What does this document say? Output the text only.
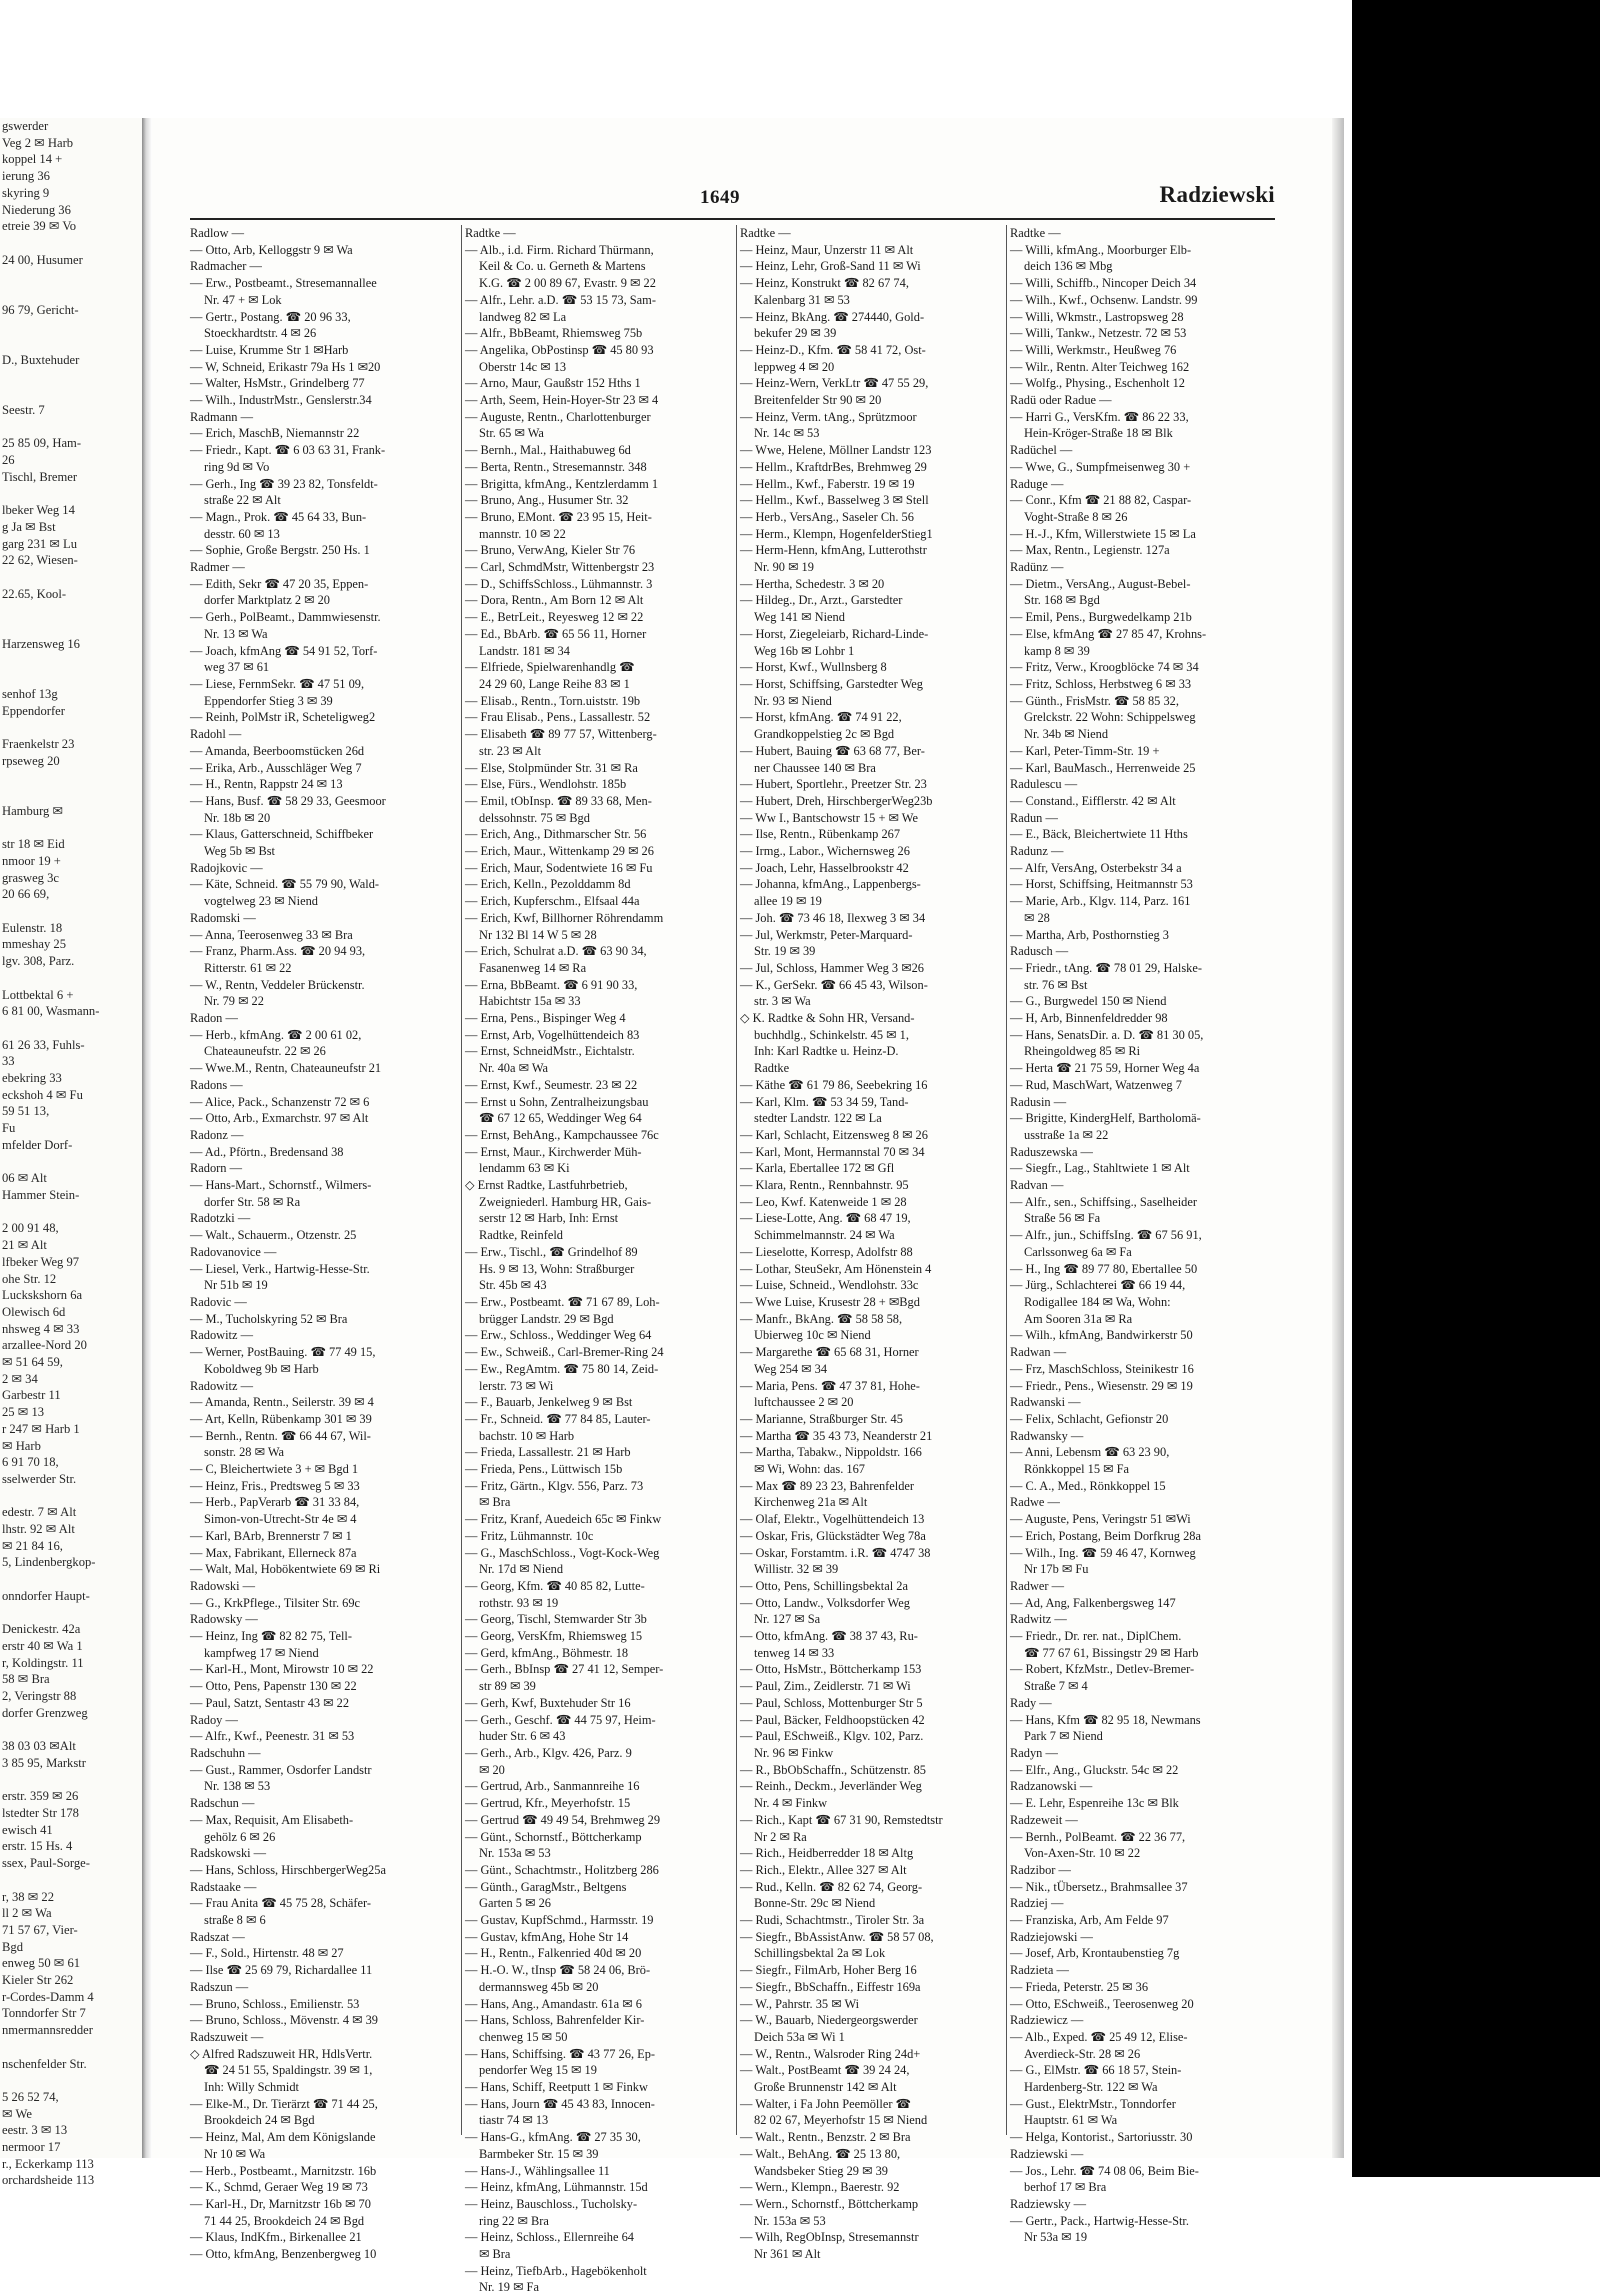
gswerder
Veg 2 ✉ Harb
koppel 14 +
ierung 36
skyring 9
Niederung 36
etreie 39 ✉ Vo

24 00, Husumer

96 79, Gericht-

D., Buxtehuder

Seestr. 7

25 85 09, Ham-
26
Tischl, Bremer

lbeker Weg 14
g Ja ✉ Bst
garg 231 ✉ Lu
22 62, Wiesen-

22.65, Kool-

Harzensweg 16

senhof 13g
Eppendorfer

Fraenkelstr 23
rpseweg 20

Hamburg ✉

str 18 ✉ Eid
nmoor 19 +
grasweg 3c
20 66 69,

Eulenstr. 18
mmeshay 25
lgv. 308, Parz.

Lottbektal 6 +
6 81 00, Wasmann-

61 26 33, Fuhls-
33
ebekring 33
eckshoh 4 ✉ Fu
59 51 13,
Fu
mfelder Dorf-

06 ✉ Alt
Hammer Stein-

2 00 91 48,
21 ✉ Alt
lfbeker Weg 97
ohe Str. 12
Luckskshorn 6a
Olewisch 6d
nhsweg 4 ✉ 33
arzallee-Nord 20
✉ 51 64 59,
2 ✉ 34
Garbestr 11
25 ✉ 13
r 247 ✉ Harb 1
✉ Harb
6 91 70 18,
sselwerder Str.

edestr. 7 ✉ Alt
lhstr. 92 ✉ Alt
✉ 21 84 16,
5, Lindenbergkop-

onndorfer Haupt-

Denickestr. 42a
erstr 40 ✉ Wa 1
r, Koldingstr. 11
58 ✉ Bra
2, Veringstr 88
dorfer Grenzweg

38 03 03 ✉Alt
3 85 95, Markstr

erstr. 359 ✉ 26
lstedter Str 178
ewisch 41
erstr. 15 Hs. 4
ssex, Paul-Sorge-

r, 38 ✉ 22
ll 2 ✉ Wa
71 57 67, Vier-
Bgd
enweg 50 ✉ 61
Kieler Str 262
r-Cordes-Damm 4
Tonndorfer Str 7
nmermannsredder

nschenfelder Str.

5 26 52 74,
✉ We
eestr. 3 ✉ 13
nermoor 17
r., Eckerkamp 113
orchardsheide 113
1649	Radziewski
Radlow —
— Otto, Arb, Kelloggstr 9 ✉ Wa
Radmacher —
— Erw., Postbeamt., Stresemannallee
Nr. 47 + ✉ Lok
— Gertr., Postang. ☎ 20 96 33,
Stoeckhardtstr. 4 ✉ 26
— Luise, Krumme Str 1 ✉Harb
— W, Schneid, Erikastr 79a Hs 1 ✉20
— Walter, HsMstr., Grindelberg 77
— Wilh., IndustrMstr., Genslerstr.34
Radmann —
— Erich, MaschB, Niemannstr 22
— Friedr., Kapt. ☎ 6 03 63 31, Frank-
ring 9d ✉ Vo
— Gerh., Ing ☎ 39 23 82, Tonsfeldt-
straße 22 ✉ Alt
— Magn., Prok. ☎ 45 64 33, Bun-
desstr. 60 ✉ 13
— Sophie, Große Bergstr. 250 Hs. 1
Radmer —
— Edith, Sekr ☎ 47 20 35, Eppen-
dorfer Marktplatz 2 ✉ 20
— Gerh., PolBeamt., Dammwiesenstr.
Nr. 13 ✉ Wa
— Joach, kfmAng ☎ 54 91 52, Torf-
weg 37 ✉ 61
— Liese, FernmSekr. ☎ 47 51 09,
Eppendorfer Stieg 3 ✉ 39
— Reinh, PolMstr iR, Scheteligweg2
Radohl —
— Amanda, Beerboomstücken 26d
— Erika, Arb., Ausschläger Weg 7
— H., Rentn, Rappstr 24 ✉ 13
— Hans, Busf. ☎ 58 29 33, Geesmoor
Nr. 18b ✉ 20
— Klaus, Gatterschneid, Schiffbeker
Weg 5b ✉ Bst
Radojkovic —
— Käte, Schneid. ☎ 55 79 90, Wald-
vogtelweg 23 ✉ Niend
Radomski —
— Anna, Teerosenweg 33 ✉ Bra
— Franz, Pharm.Ass. ☎ 20 94 93,
Ritterstr. 61 ✉ 22
— W., Rentn, Veddeler Brückenstr.
Nr. 79 ✉ 22
Radon —
— Herb., kfmAng. ☎ 2 00 61 02,
Chateauneufstr. 22 ✉ 26
— Wwe.M., Rentn, Chateauneufstr 21
Radons —
— Alice, Pack., Schanzenstr 72 ✉ 6
— Otto, Arb., Exmarchstr. 97 ✉ Alt
Radonz —
— Ad., Pförtn., Bredensand 38
Radorn —
— Hans-Mart., Schornstf., Wilmers-
dorfer Str. 58 ✉ Ra
Radotzki —
— Walt., Schauerm., Otzenstr. 25
Radovanovice —
— Liesel, Verk., Hartwig-Hesse-Str.
Nr 51b ✉ 19
Radovic —
— M., Tucholskyring 52 ✉ Bra
Radowitz —
— Werner, PostBauing. ☎ 77 49 15,
Koboldweg 9b ✉ Harb
Radowitz —
— Amanda, Rentn., Seilerstr. 39 ✉ 4
— Art, Kelln, Rübenkamp 301 ✉ 39
— Bernh., Rentn. ☎ 66 44 67, Wil-
sonstr. 28 ✉ Wa
— C, Bleichertwiete 3 + ✉ Bgd 1
— Heinz, Fris., Predtsweg 5 ✉ 33
— Herb., PapVerarb ☎ 31 33 84,
Simon-von-Utrecht-Str 4e ✉ 4
— Karl, BArb, Brennerstr 7 ✉ 1
— Max, Fabrikant, Ellerneck 87a
— Walt, Mal, Hobökentwiete 69 ✉ Ri
Radowski —
— G., KrkPflege., Tilsiter Str. 69c
Radowsky —
— Heinz, Ing ☎ 82 82 75, Tell-
kampfweg 17 ✉ Niend
— Karl-H., Mont, Mirowstr 10 ✉ 22
— Otto, Pens, Papenstr 130 ✉ 22
— Paul, Satzt, Sentastr 43 ✉ 22
Radoy —
— Alfr., Kwf., Peenestr. 31 ✉ 53
Radschuhn —
— Gust., Rammer, Osdorfer Landstr
Nr. 138 ✉ 53
Radschun —
— Max, Requisit, Am Elisabeth-
gehölz 6 ✉ 26
Radskowski —
— Hans, Schloss, HirschbergerWeg25a
Radstaake —
— Frau Anita ☎ 45 75 28, Schäfer-
straße 8 ✉ 6
Radszat —
— F., Sold., Hirtenstr. 48 ✉ 27
— Ilse ☎ 25 69 79, Richardallee 11
Radszun —
— Bruno, Schloss., Emilienstr. 53
— Bruno, Schloss., Mövenstr. 4 ✉ 39
Radszuweit —
◇ Alfred Radszuweit HR, HdlsVertr.
☎ 24 51 55, Spaldingstr. 39 ✉ 1,
Inh: Willy Schmidt
— Elke-M., Dr. Tierärzt ☎ 71 44 25,
Brookdeich 24 ✉ Bgd
— Heinz, Mal, Am dem Königslande
Nr 10 ✉ Wa
— Herb., Postbeamt., Marnitzstr. 16b
— K., Schmd, Geraer Weg 19 ✉ 73
— Karl-H., Dr, Marnitzstr 16b ✉ 70
71 44 25, Brookdeich 24 ✉ Bgd
— Klaus, IndKfm., Birkenallee 21
— Otto, kfmAng, Benzenbergweg 10
Radtke —
— Alb., i.d. Firm. Richard Thürmann,
Keil & Co. u. Gerneth & Martens
K.G. ☎ 2 00 89 67, Evastr. 9 ✉ 22
— Alfr., Lehr. a.D. ☎ 53 15 73, Sam-
landweg 82 ✉ La
— Alfr., BbBeamt, Rhiemsweg 75b
— Angelika, ObPostinsp ☎ 45 80 93
Oberstr 14c ✉ 13
— Arno, Maur, Gaußstr 152 Hths 1
— Arth, Seem, Hein-Hoyer-Str 23 ✉ 4
— Auguste, Rentn., Charlottenburger
Str. 65 ✉ Wa
— Bernh., Mal., Haithabuweg 6d
— Berta, Rentn., Stresemannstr. 348
— Brigitta, kfmAng., Kentzlerdamm 1
— Bruno, Ang., Husumer Str. 32
— Bruno, EMont. ☎ 23 95 15, Heit-
mannstr. 10 ✉ 22
— Bruno, VerwAng, Kieler Str 76
— Carl, SchmdMstr, Wittenbergstr 23
— D., SchiffsSchloss., Lühmannstr. 3
— Dora, Rentn., Am Born 12 ✉ Alt
— E., BetrLeit., Reyesweg 12 ✉ 22
— Ed., BbArb. ☎ 65 56 11, Horner
Landstr. 181 ✉ 34
— Elfriede, Spielwarenhandlg ☎
24 29 60, Lange Reihe 83 ✉ 1
— Elisab., Rentn., Torn.uiststr. 19b
— Frau Elisab., Pens., Lassallestr. 52
— Elisabeth ☎ 89 77 57, Wittenberg-
str. 23 ✉ Alt
— Else, Stolpmünder Str. 31 ✉ Ra
— Else, Fürs., Wendlohstr. 185b
— Emil, tObInsp. ☎ 89 33 68, Men-
delssohnstr. 75 ✉ Bgd
— Erich, Ang., Dithmarscher Str. 56
— Erich, Maur., Wittenkamp 29 ✉ 26
— Erich, Maur, Sodentwiete 16 ✉ Fu
— Erich, Kelln., Pezolddamm 8d
— Erich, Kupferschm., Elfsaal 44a
— Erich, Kwf, Billhorner Röhrendamm
Nr 132 Bl 14 W 5 ✉ 28
— Erich, Schulrat a.D. ☎ 63 90 34,
Fasanenweg 14 ✉ Ra
— Erna, BbBeamt. ☎ 6 91 90 33,
Habichtstr 15a ✉ 33
— Erna, Pens., Bispinger Weg 4
— Ernst, Arb, Vogelhüttendeich 83
— Ernst, SchneidMstr., Eichtalstr.
Nr. 40a ✉ Wa
— Ernst, Kwf., Seumestr. 23 ✉ 22
— Ernst u Sohn, Zentralheizungsbau
☎ 67 12 65, Weddinger Weg 64
— Ernst, BehAng., Kampchaussee 76c
— Ernst, Maur., Kirchwerder Müh-
lendamm 63 ✉ Ki
◇ Ernst Radtke, Lastfuhrbetrieb,
Zweigniederl. Hamburg HR, Gais-
serstr 12 ✉ Harb, Inh: Ernst
Radtke, Reinfeld
— Erw., Tischl., ☎ Grindelhof 89
Hs. 9 ✉ 13, Wohn: Straßburger
Str. 45b ✉ 43
— Erw., Postbeamt. ☎ 71 67 89, Loh-
brügger Landstr. 29 ✉ Bgd
— Erw., Schloss., Weddinger Weg 64
— Ew., Schweiß., Carl-Bremer-Ring 24
— Ew., RegAmtm. ☎ 75 80 14, Zeid-
lerstr. 73 ✉ Wi
— F., Bauarb, Jenkelweg 9 ✉ Bst
— Fr., Schneid. ☎ 77 84 85, Lauter-
bachstr. 10 ✉ Harb
— Frieda, Lassallestr. 21 ✉ Harb
— Frieda, Pens., Lüttwisch 15b
— Fritz, Gärtn., Klgv. 556, Parz. 73
✉ Bra
— Fritz, Kranf, Auedeich 65c ✉ Finkw
— Fritz, Lühmannstr. 10c
— G., MaschSchloss., Vogt-Kock-Weg
Nr. 17d ✉ Niend
— Georg, Kfm. ☎ 40 85 82, Lutte-
rothstr. 93 ✉ 19
— Georg, Tischl, Stemwarder Str 3b
— Georg, VersKfm, Rhiemsweg 15
— Gerd, kfmAng., Böhmestr. 18
— Gerh., BbInsp ☎ 27 41 12, Semper-
str 89 ✉ 39
— Gerh, Kwf, Buxtehuder Str 16
— Gerh., Geschf. ☎ 44 75 97, Heim-
huder Str. 6 ✉ 43
— Gerh., Arb., Klgv. 426, Parz. 9
✉ 20
— Gertrud, Arb., Sanmannreihe 16
— Gertrud, Kfr., Meyerhofstr. 15
— Gertrud ☎ 49 49 54, Brehmweg 29
— Günt., Schornstf., Böttcherkamp
Nr. 153a ✉ 53
— Günt., Schachtmstr., Holitzberg 286
— Günth., GaragMstr., Beltgens
Garten 5 ✉ 26
— Gustav, KupfSchmd., Harmsstr. 19
— Gustav, kfmAng, Hohe Str 14
— H., Rentn., Falkenried 40d ✉ 20
— H.-O. W., tInsp ☎ 58 24 06, Brö-
dermannsweg 45b ✉ 20
— Hans, Ang., Amandastr. 61a ✉ 6
— Hans, Schloss, Bahrenfelder Kir-
chenweg 15 ✉ 50
— Hans, Schiffsing. ☎ 43 77 26, Ep-
pendorfer Weg 15 ✉ 19
— Hans, Schiff, Reetputt 1 ✉ Finkw
— Hans, Journ ☎ 45 43 83, Innocen-
tiastr 74 ✉ 13
— Hans-G., kfmAng. ☎ 27 35 30,
Barmbeker Str. 15 ✉ 39
— Hans-J., Wählingsallee 11
— Heinz, kfmAng, Lühmannstr. 15d
— Heinz, Bauschloss., Tucholsky-
ring 22 ✉ Bra
— Heinz, Schloss., Ellernreihe 64
✉ Bra
— Heinz, TiefbArb., Hagebökenholt
Nr. 19 ✉ Fa
Radtke —
— Heinz, Maur, Unzerstr 11 ✉ Alt
— Heinz, Lehr, Groß-Sand 11 ✉ Wi
— Heinz, Konstrukt ☎ 82 67 74,
Kalenbarg 31 ✉ 53
— Heinz, BkAng. ☎ 274440, Gold-
bekufer 29 ✉ 39
— Heinz-D., Kfm. ☎ 58 41 72, Ost-
leppweg 4 ✉ 20
— Heinz-Wern, VerkLtr ☎ 47 55 29,
Breitenfelder Str 90 ✉ 20
— Heinz, Verm. tAng., Sprützmoor
Nr. 14c ✉ 53
— Wwe, Helene, Möllner Landstr 123
— Hellm., KraftdrBes, Brehmweg 29
— Hellm., Kwf., Faberstr. 19 ✉ 19
— Hellm., Kwf., Basselweg 3 ✉ Stell
— Herb., VersAng., Saseler Ch. 56
— Herm., Klempn, HogenfelderStieg1
— Herm-Henn, kfmAng, Lutterothstr
Nr. 90 ✉ 19
— Hertha, Schedestr. 3 ✉ 20
— Hildeg., Dr., Arzt., Garstedter
Weg 141 ✉ Niend
— Horst, Ziegeleiarb, Richard-Linde-
Weg 16b ✉ Lohbr 1
— Horst, Kwf., Wullnsberg 8
— Horst, Schiffsing, Garstedter Weg
Nr. 93 ✉ Niend
— Horst, kfmAng. ☎ 74 91 22,
Grandkoppelstieg 2c ✉ Bgd
— Hubert, Bauing ☎ 63 68 77, Ber-
ner Chaussee 140 ✉ Bra
— Hubert, Sportlehr., Preetzer Str. 23
— Hubert, Dreh, HirschbergerWeg23b
— Ww I., Bantschowstr 15 + ✉ We
— Ilse, Rentn., Rübenkamp 267
— Irmg., Labor., Wichernsweg 26
— Joach, Lehr, Hasselbrookstr 42
— Johanna, kfmAng., Lappenbergs-
allee 19 ✉ 19
— Joh. ☎ 73 46 18, Ilexweg 3 ✉ 34
— Jul, Werkmstr, Peter-Marquard-
Str. 19 ✉ 39
— Jul, Schloss, Hammer Weg 3 ✉26
— K., GerSekr. ☎ 66 45 43, Wilson-
str. 3 ✉ Wa
◇ K. Radtke & Sohn HR, Versand-
buchhdlg., Schinkelstr. 45 ✉ 1,
Inh: Karl Radtke u. Heinz-D.
Radtke
— Käthe ☎ 61 79 86, Seebekring 16
— Karl, Klm. ☎ 53 34 59, Tand-
stedter Landstr. 122 ✉ La
— Karl, Schlacht, Eitzensweg 8 ✉ 26
— Karl, Mont, Hermannstal 70 ✉ 34
— Karla, Ebertallee 172 ✉ Gfl
— Klara, Rentn., Rennbahnstr. 95
— Leo, Kwf. Katenweide 1 ✉ 28
— Liese-Lotte, Ang. ☎ 68 47 19,
Schimmelmannstr. 24 ✉ Wa
— Lieselotte, Korresp, Adolfstr 88
— Lothar, SteuSekr, Am Hönenstein 4
— Luise, Schneid., Wendlohstr. 33c
— Wwe Luise, Krusestr 28 + ✉Bgd
— Manfr., BkAng. ☎ 58 58 58,
Ubierweg 10c ✉ Niend
— Margarethe ☎ 65 68 31, Horner
Weg 254 ✉ 34
— Maria, Pens. ☎ 47 37 81, Hohe-
luftchaussee 2 ✉ 20
— Marianne, Straßburger Str. 45
— Martha ☎ 35 43 73, Neanderstr 21
— Martha, Tabakw., Nippoldstr. 166
✉ Wi, Wohn: das. 167
— Max ☎ 89 23 23, Bahrenfelder
Kirchenweg 21a ✉ Alt
— Olaf, Elektr., Vogelhüttendeich 13
— Oskar, Fris, Glückstädter Weg 78a
— Oskar, Forstamtm. i.R. ☎ 4747 38
Willistr. 32 ✉ 39
— Otto, Pens, Schillingsbektal 2a
— Otto, Landw., Volksdorfer Weg
Nr. 127 ✉ Sa
— Otto, kfmAng. ☎ 38 37 43, Ru-
tenweg 14 ✉ 33
— Otto, HsMstr., Böttcherkamp 153
— Paul, Zim., Zeidlerstr. 71 ✉ Wi
— Paul, Schloss, Mottenburger Str 5
— Paul, Bäcker, Feldhoopstücken 42
— Paul, ESchweiß., Klgv. 102, Parz.
Nr. 96 ✉ Finkw
— R., BbObSchaffn., Schützenstr. 85
— Reinh., Deckm., Jeverländer Weg
Nr. 4 ✉ Finkw
— Rich., Kapt ☎ 67 31 90, Remstedtstr
Nr 2 ✉ Ra
— Rich., Heidberredder 18 ✉ Altg
— Rich., Elektr., Allee 327 ✉ Alt
— Rud., Kelln. ☎ 82 62 74, Georg-
Bonne-Str. 29c ✉ Niend
— Rudi, Schachtmstr., Tiroler Str. 3a
— Siegfr., BbAssistAnw. ☎ 58 57 08,
Schillingsbektal 2a ✉ Lok
— Siegfr., FilmArb, Hoher Berg 16
— Siegfr., BbSchaffn., Eiffestr 169a
— W., Pahrstr. 35 ✉ Wi
— W., Bauarb, Niedergeorgswerder
Deich 53a ✉ Wi 1
— W., Rentn., Walsroder Ring 24d+
— Walt., PostBeamt ☎ 39 24 24,
Große Brunnenstr 142 ✉ Alt
— Walter, i Fa John Peemöller ☎
82 02 67, Meyerhofstr 15 ✉ Niend
— Walt., Rentn., Benzstr. 2 ✉ Bra
— Walt., BehAng. ☎ 25 13 80,
Wandsbeker Stieg 29 ✉ 39
— Wern., Klempn., Baerestr. 92
— Wern., Schornstf., Böttcherkamp
Nr. 153a ✉ 53
— Wilh, RegObInsp, Stresemannstr
Nr 361 ✉ Alt
Radtke —
— Willi, kfmAng., Moorburger Elb-
deich 136 ✉ Mbg
— Willi, Schiffb., Nincoper Deich 34
— Wilh., Kwf., Ochsenw. Landstr. 99
— Willi, Wkmstr., Lastropsweg 28
— Willi, Tankw., Netzestr. 72 ✉ 53
— Willi, Werkmstr., Heußweg 76
— Wilr., Rentn. Alter Teichweg 162
— Wolfg., Physing., Eschenholt 12
Radü oder Radue —
— Harri G., VersKfm. ☎ 86 22 33,
Hein-Kröger-Straße 18 ✉ Blk
Radüchel —
— Wwe, G., Sumpfmeisenweg 30 +
Raduge —
— Conr., Kfm ☎ 21 88 82, Caspar-
Voght-Straße 8 ✉ 26
— H.-J., Kfm, Willerstwiete 15 ✉ La
— Max, Rentn., Legienstr. 127a
Radünz —
— Dietm., VersAng., August-Bebel-
Str. 168 ✉ Bgd
— Emil, Pens., Burgwedelkamp 21b
— Else, kfmAng ☎ 27 85 47, Krohns-
kamp 8 ✉ 39
— Fritz, Verw., Kroogblöcke 74 ✉ 34
— Fritz, Schloss, Herbstweg 6 ✉ 33
— Günth., FrisMstr. ☎ 58 85 32,
Grelckstr. 22 Wohn: Schippelsweg
Nr. 34b ✉ Niend
— Karl, Peter-Timm-Str. 19 +
— Karl, BauMasch., Herrenweide 25
Radulescu —
— Constand., Eifflerstr. 42 ✉ Alt
Radun —
— E., Bäck, Bleichertwiete 11 Hths
Radunz —
— Alfr, VersAng, Osterbekstr 34 a
— Horst, Schiffsing, Heitmannstr 53
— Marie, Arb., Klgv. 114, Parz. 161
✉ 28
— Martha, Arb, Posthornstieg 3
Radusch —
— Friedr., tAng. ☎ 78 01 29, Halske-
str. 76 ✉ Bst
— G., Burgwedel 150 ✉ Niend
— H, Arb, Binnenfeldredder 98
— Hans, SenatsDir. a. D. ☎ 81 30 05,
Rheingoldweg 85 ✉ Ri
— Herta ☎ 21 75 59, Horner Weg 4a
— Rud, MaschWart, Watzenweg 7
Radusin —
— Brigitte, KindergHelf, Bartholomä-
usstraße 1a ✉ 22
Raduszewska —
— Siegfr., Lag., Stahltwiete 1 ✉ Alt
Radvan —
— Alfr., sen., Schiffsing., Saselheider
Straße 56 ✉ Fa
— Alfr., jun., SchiffsIng. ☎ 67 56 91,
Carlssonweg 6a ✉ Fa
— H., Ing ☎ 89 77 80, Ebertallee 50
— Jürg., Schlachterei ☎ 66 19 44,
Rodigallee 184 ✉ Wa, Wohn:
Am Sooren 31a ✉ Ra
— Wilh., kfmAng, Bandwirkerstr 50
Radwan —
— Frz, MaschSchloss, Steinikestr 16
— Friedr., Pens., Wiesenstr. 29 ✉ 19
Radwanski —
— Felix, Schlacht, Gefionstr 20
Radwansky —
— Anni, Lebensm ☎ 63 23 90,
Rönkkoppel 15 ✉ Fa
— C. A., Med., Rönkkoppel 15
Radwe —
— Auguste, Pens, Veringstr 51 ✉Wi
— Erich, Postang, Beim Dorfkrug 28a
— Wilh., Ing. ☎ 59 46 47, Kornweg
Nr 17b ✉ Fu
Radwer —
— Ad, Ang, Falkenbergsweg 147
Radwitz —
— Friedr., Dr. rer. nat., DiplChem.
☎ 77 67 61, Bissingstr 29 ✉ Harb
— Robert, KfzMstr., Detlev-Bremer-
Straße 7 ✉ 4
Rady —
— Hans, Kfm ☎ 82 95 18, Newmans
Park 7 ✉ Niend
Radyn —
— Elfr., Ang., Gluckstr. 54c ✉ 22
Radzanowski —
— E. Lehr, Espenreihe 13c ✉ Blk
Radzeweit —
— Bernh., PolBeamt. ☎ 22 36 77,
Von-Axen-Str. 10 ✉ 22
Radzibor —
— Nik., tÜbersetz., Brahmsallee 37
Radziej —
— Franziska, Arb, Am Felde 97
Radziejowski —
— Josef, Arb, Krontaubenstieg 7g
Radzieta —
— Frieda, Peterstr. 25 ✉ 36
— Otto, ESchweiß., Teerosenweg 20
Radziewicz —
— Alb., Exped. ☎ 25 49 12, Elise-
Averdieck-Str. 28 ✉ 26
— G., ElMstr. ☎ 66 18 57, Stein-
Hardenberg-Str. 122 ✉ Wa
— Gust., ElektrMstr., Tonndorfer
Hauptstr. 61 ✉ Wa
— Helga, Kontorist., Sartoriusstr. 30
Radziewski —
— Jos., Lehr. ☎ 74 08 06, Beim Bie-
berhof 17 ✉ Bra
Radziewsky —
— Gertr., Pack., Hartwig-Hesse-Str.
Nr 53a ✉ 19
